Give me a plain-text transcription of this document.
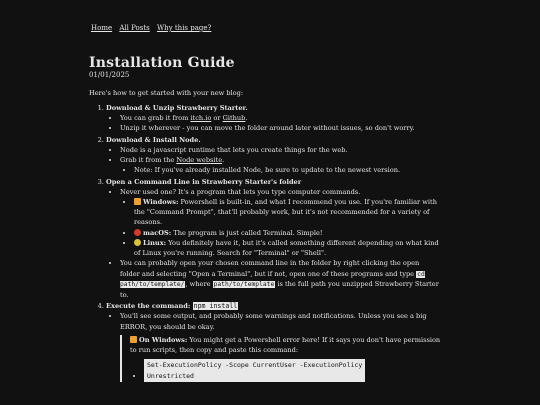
Home All Posts Why this page?
Installation Guide
01/01/2025
Here's how to get started with your new blog:
1. Download & Unzip Strawberry Starter.
• You can grab it from itch.io or Github.
• Unzip it wherever - you can move the folder around later without issues, so don't worry.
2. Download & Install Node.
• Node is a javascript runtime that lets you create things for the web.
• Grab it from the Node website.
• Note: If you've already installed Node, be sure to update to the newest version.
3. Open a Command Line in Strawberry Starter's folder
• Never used one? It's a program that lets you type computer commands.
• Windows: Powershell is built-in, and what I recommend you use. If you're familiar with the "Command Prompt", that'll probably work, but it's not recommended for a variety of reasons.
• macOS: The program is just called Terminal. Simple!
• Linux: You definitely have it, but it's called something different depending on what kind of Linux you're running. Search for "Terminal" or "Shell".
• You can probably open your chosen command line in the folder by right clicking the open folder and selecting "Open a Terminal", but if not, open one of these programs and type cd path/to/template/, where path/to/template is the full path you unzipped Strawberry Starter to.
4. Execute the command: npm install
• You'll see some output, and probably some warnings and notifications. Unless you see a big ERROR, you should be okay.
On Windows: You might get a Powershell error here! If it says you don't have permission to run scripts, then copy and paste this command:
• Set-ExecutionPolicy -Scope CurrentUser -ExecutionPolicy
Unrestricted
